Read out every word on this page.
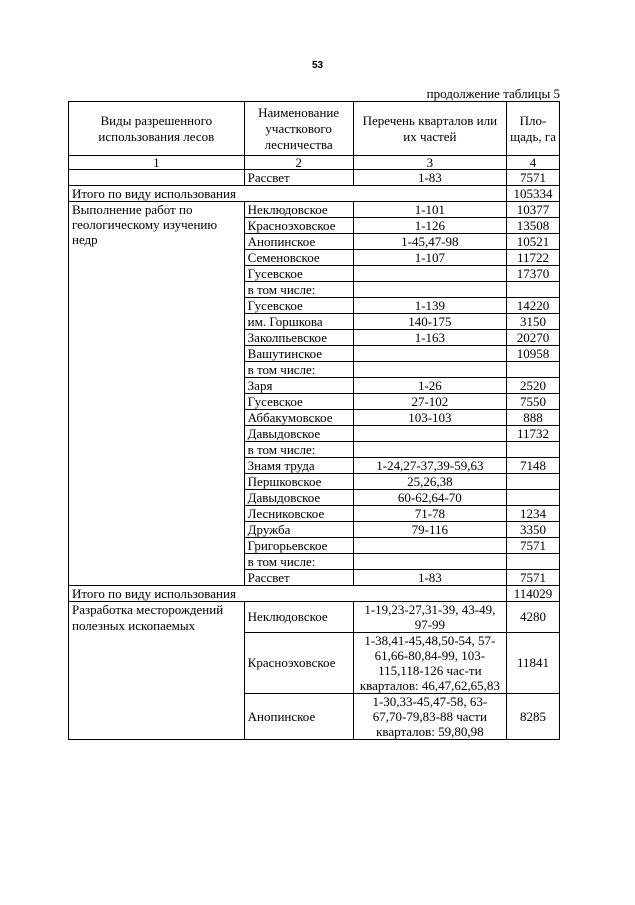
53
продолжение таблицы 5
Виды разрешенного использования лесов	Наименование участкового лесничества	Перечень кварталов или их частей	Пло-щадь, га
1	2	3	4
	Рассвет	1-83	7571
Итого по виду использования			105334
Выполнение работ по геологическому изучению недр	Неклюдовское	1-101	10377
	Красноэховское	1-126	13508
	Анопинское	1-45,47-98	10521
	Семеновское	1-107	11722
	Гусевское		17370
	в том числе:		
	Гусевское	1-139	14220
	им. Горшкова	140-175	3150
	Заколпьевское	1-163	20270
	Вашутинское		10958
	в том числе:		
	Заря	1-26	2520
	Гусевское	27-102	7550
	Аббакумовское	103-103	888
	Давыдовское		11732
	в том числе:		
	Знамя труда	1-24,27-37,39-59,63	7148
	Першковское	25,26,38	
	Давыдовское	60-62,64-70	
	Лесниковское	71-78	1234
	Дружба	79-116	3350
	Григорьевское		7571
	в том числе:		
	Рассвет	1-83	7571
Итого по виду использования			114029
Разработка месторождений полезных ископаемых	Неклюдовское	1-19,23-27,31-39, 43-49, 97-99	4280
	Красноэховское	1-38,41-45,48,50-54, 57-61,66-80,84-99, 103-115,118-126 час-ти кварталов: 46,47,62,65,83	11841
	Анопинское	1-30,33-45,47-58, 63-67,70-79,83-88 части кварталов: 59,80,98	8285
